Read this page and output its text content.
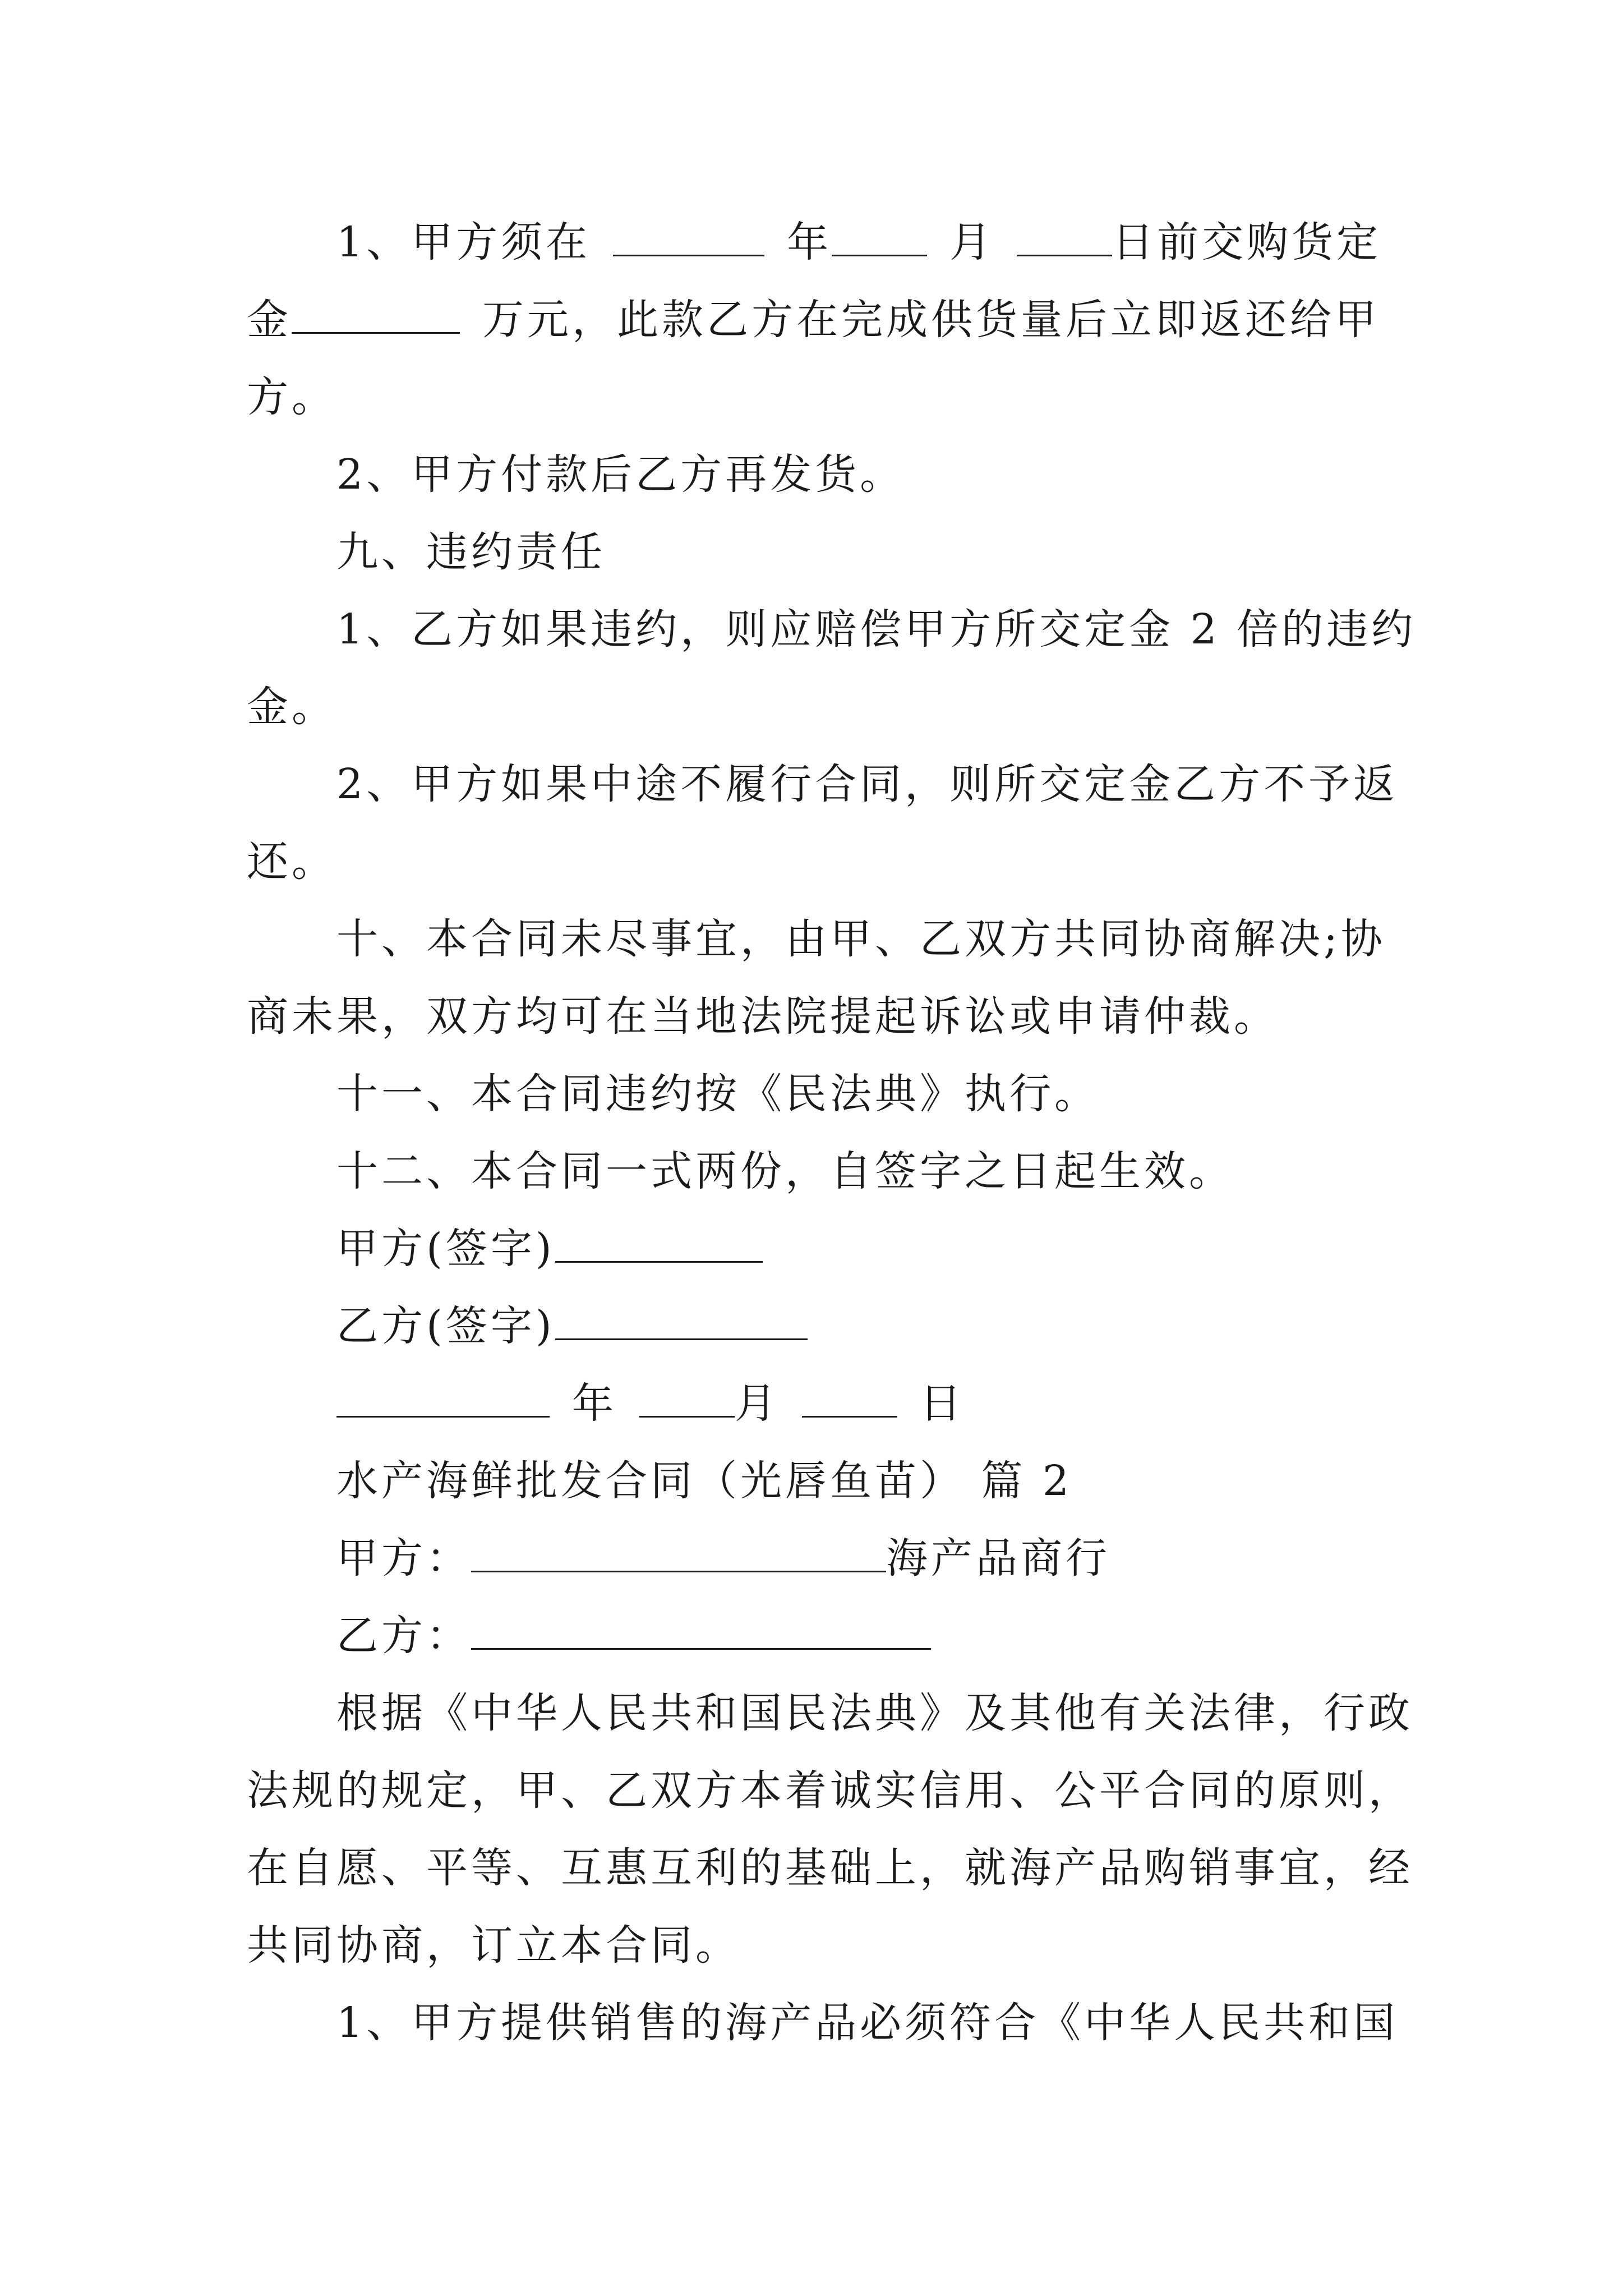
1、甲方须在	年	月	日前交购货定
金	万元，此款乙方在完成供货量后立即返还给甲
方。
2、甲方付款后乙方再发货。
九、违约责任
1、乙方如果违约，则应赔偿甲方所交定金 2 倍的违约
金。
2、甲方如果中途不履行合同，则所交定金乙方不予返
还。
十、本合同未尽事宜，由甲、乙双方共同协商解决;协
商未果，双方均可在当地法院提起诉讼或申请仲裁。
十一、本合同违约按《民法典》执行。
十二、本合同一式两份，自签字之日起生效。
甲方(签字)
乙方(签字)
年	月	日
水产海鲜批发合同（光唇鱼苗） 篇 2
甲方：	海产品商行
乙方：
根据《中华人民共和国民法典》及其他有关法律，行政
法规的规定，甲、乙双方本着诚实信用、公平合同的原则，
在自愿、平等、互惠互利的基础上，就海产品购销事宜，经
共同协商，订立本合同。
1、甲方提供销售的海产品必须符合《中华人民共和国
